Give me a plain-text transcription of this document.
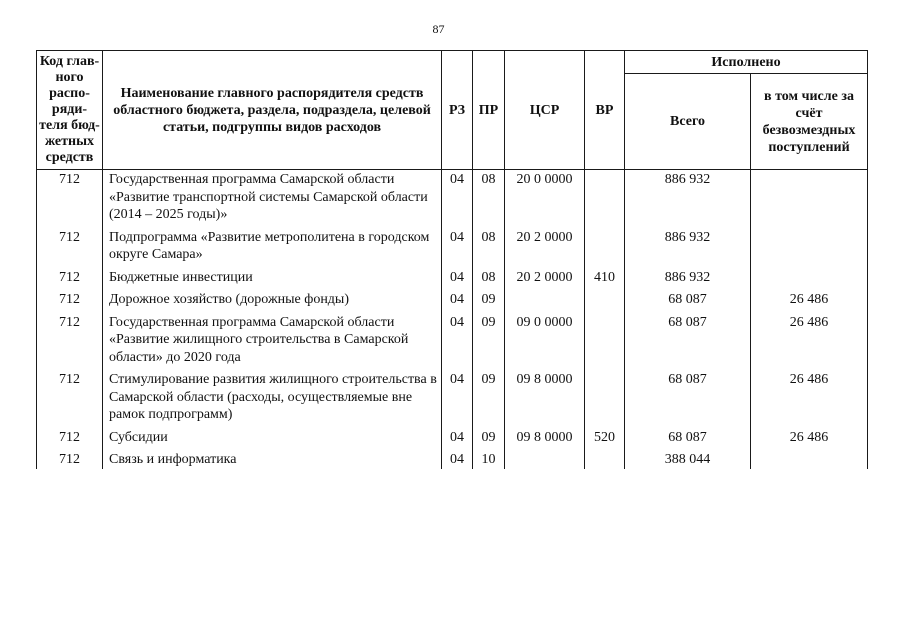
87
Код глав- ного распо- ряди- теля бюд- жетных средств	Наименование главного распорядителя средств областного бюджета, раздела, подраздела, целевой статьи, подгруппы видов расходов	РЗ	ПР	ЦСР	ВР	Исполнено	
						Всего	в том числе за счёт безвозмездных поступлений
712	Государственная программа Самарской области «Развитие транспортной системы Самарской области (2014 – 2025 годы)»	04	08	20 0 0000		886 932	

712	Подпрограмма «Развитие метрополитена в городском округе Самара»	04	08	20 2 0000		886 932	

712	Бюджетные инвестиции	04	08	20 2 0000	410	886 932	

712	Дорожное хозяйство (дорожные фонды)	04	09			68 087	26 486

712	Государственная программа Самарской области «Развитие жилищного строительства в Самарской области» до 2020 года	04	09	09 0 0000		68 087	26 486

712	Стимулирование развития жилищного строительства в Самарской области (расходы, осуществляемые вне рамок подпрограмм)	04	09	09 8 0000		68 087	26 486

712	Субсидии	04	09	09 8 0000	520	68 087	26 486

712	Связь и информатика	04	10			388 044	
